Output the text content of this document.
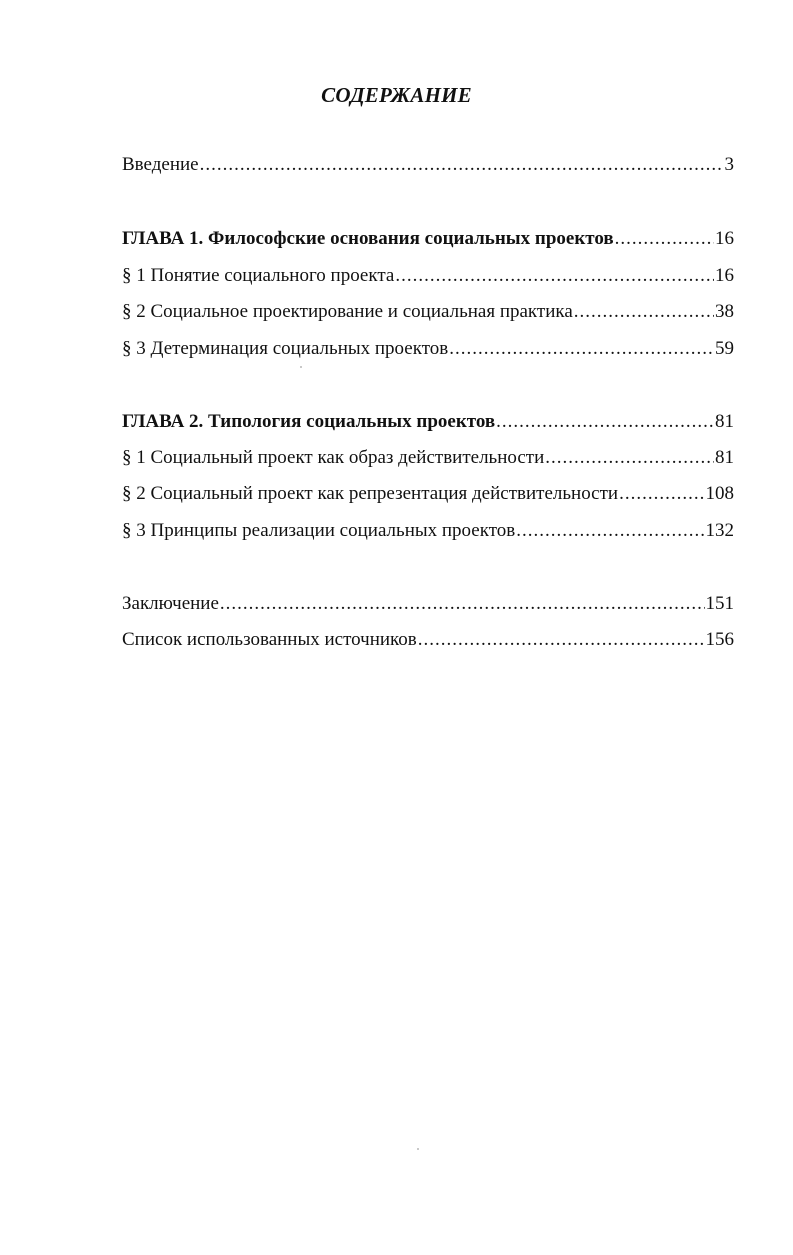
СОДЕРЖАНИЕ
Введение .....	3
ГЛАВА 1. Философские основания социальных проектов .....	16
§ 1 Понятие социального проекта .....	16
§ 2 Социальное проектирование и социальная практика .....	38
§ 3 Детерминация социальных проектов .....	59
ГЛАВА 2. Типология социальных проектов .....	81
§ 1 Социальный проект как образ действительности .....	81
§ 2 Социальный проект как репрезентация действительности .....	108
§ 3 Принципы реализации социальных проектов .....	132
Заключение .....	151
Список использованных источников .....	156
